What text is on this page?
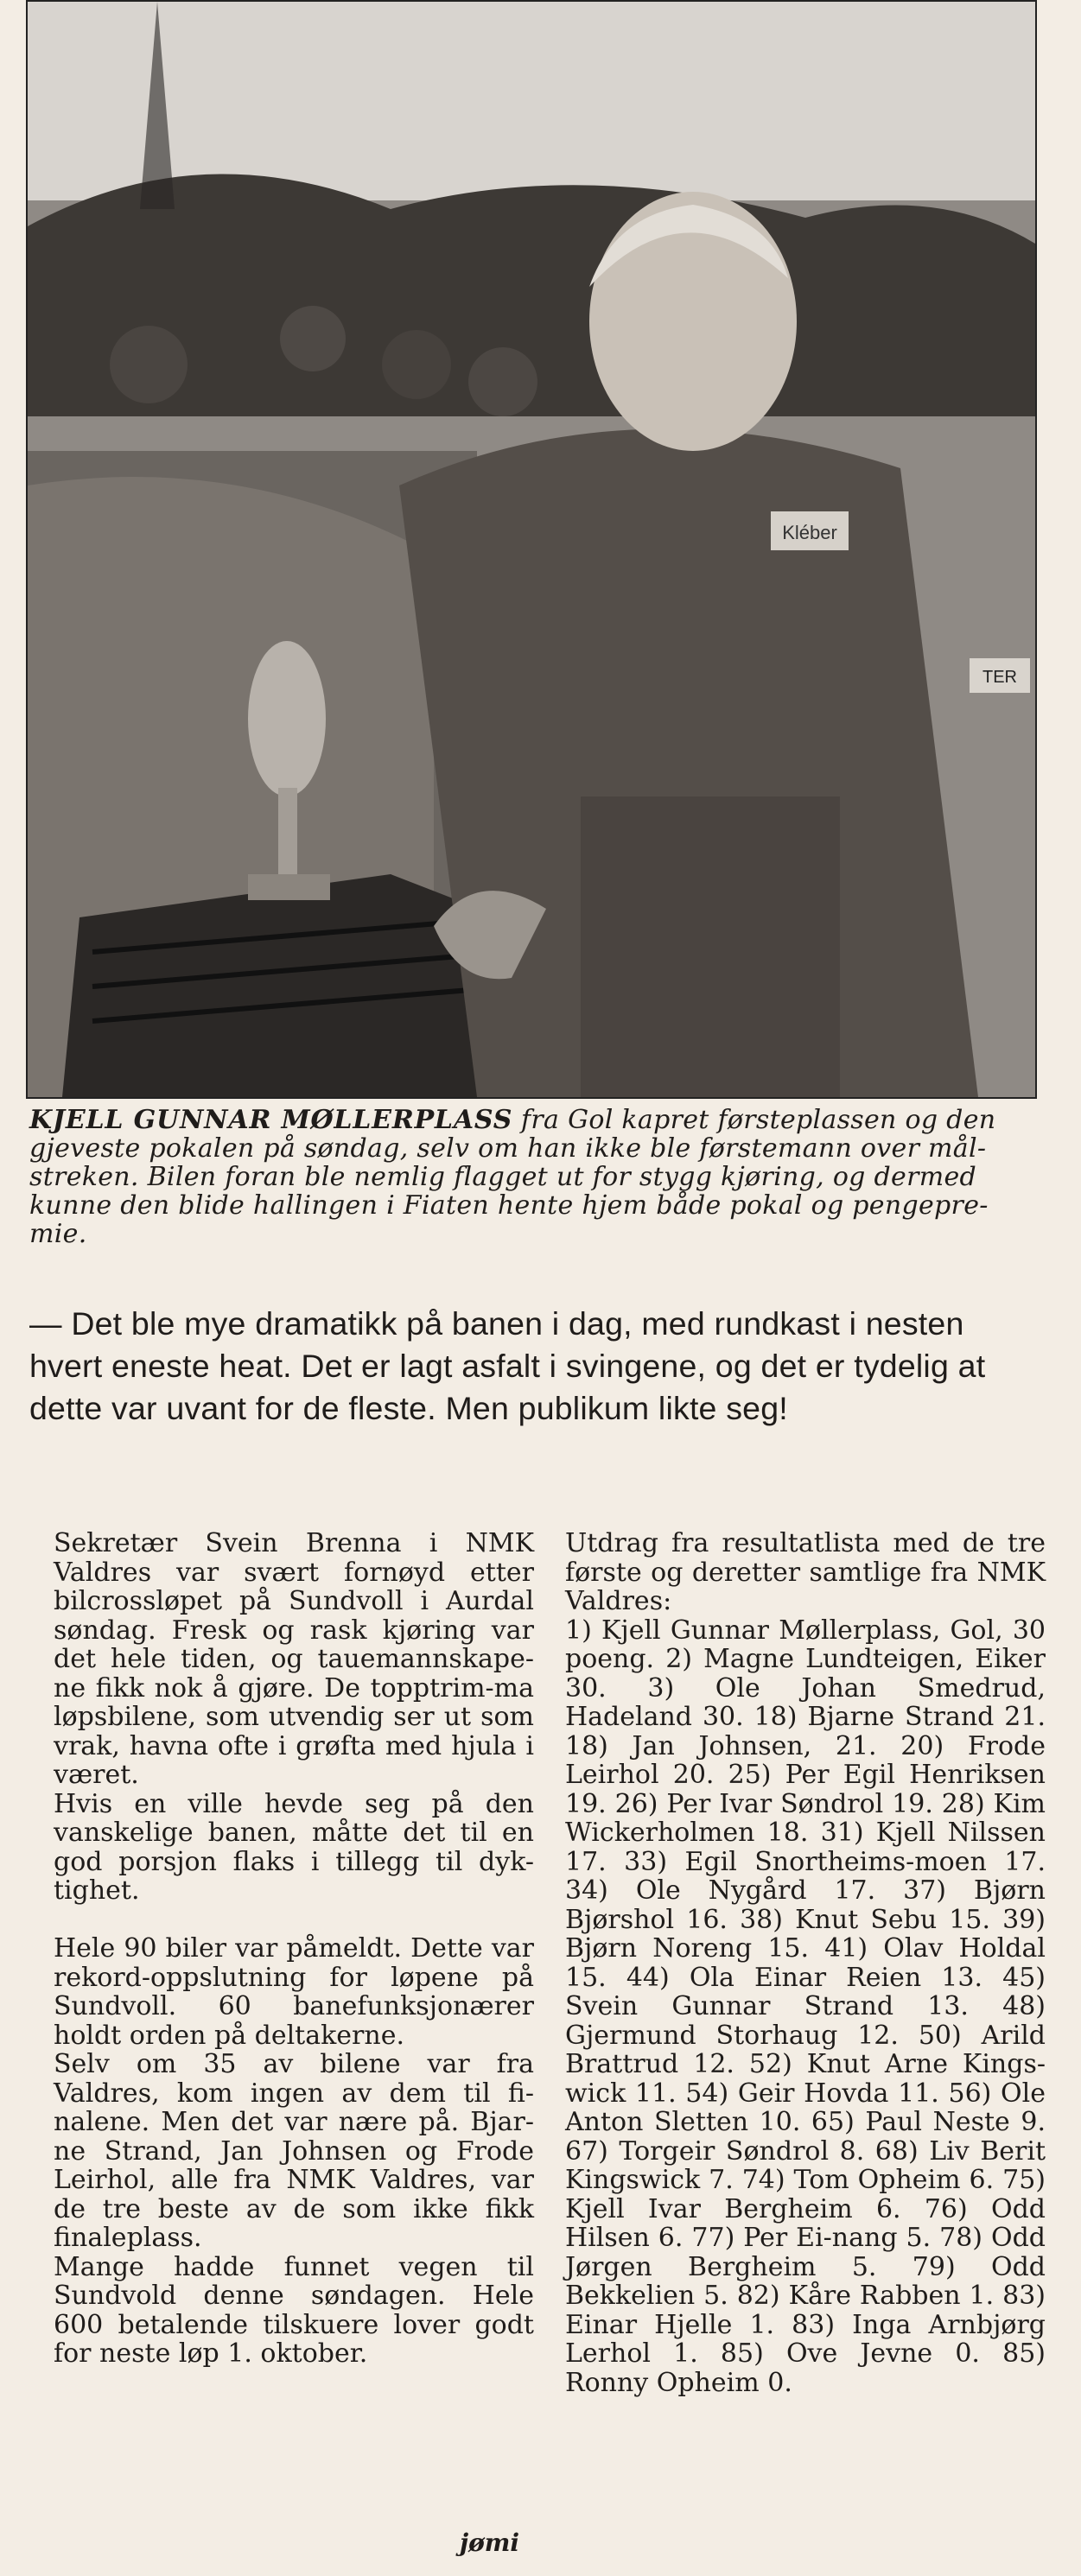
Kléber
TER
KJELL GUNNAR MØLLERPLASS fra Gol kapret førsteplassen og den gjeveste pokalen på søndag, selv om han ikke ble førstemann over mål-streken. Bilen foran ble nemlig flagget ut for stygg kjøring, og dermed kunne den blide hallingen i Fiaten hente hjem både pokal og pengepre-mie.
— Det ble mye dramatikk på banen i dag, med rundkast i nesten hvert eneste heat. Det er lagt asfalt i svingene, og det er tydelig at dette var uvant for de fleste. Men publikum likte seg!
Sekretær Svein Brenna i NMK Valdres var svært fornøyd etter bilcrossløpet på Sundvoll i Aurdal søndag. Fresk og rask kjøring var det hele tiden, og tauemannskape-ne fikk nok å gjøre. De topptrim-ma løpsbilene, som utvendig ser ut som vrak, havna ofte i grøfta med hjula i været.
Hvis en ville hevde seg på den vanskelige banen, måtte det til en god porsjon flaks i tillegg til dyk-tighet.

Hele 90 biler var påmeldt. Dette var rekord-oppslutning for løpene på Sundvoll. 60 banefunksjonærer holdt orden på deltakerne.
Selv om 35 av bilene var fra Valdres, kom ingen av dem til fi-nalene. Men det var nære på. Bjar-ne Strand, Jan Johnsen og Frode Leirhol, alle fra NMK Valdres, var de tre beste av de som ikke fikk finaleplass.
Mange hadde funnet vegen til Sundvold denne søndagen. Hele 600 betalende tilskuere lover godt for neste løp 1. oktober.
Utdrag fra resultatlista med de tre første og deretter samtlige fra NMK Valdres:
1) Kjell Gunnar Møllerplass, Gol, 30 poeng. 2) Magne Lundteigen, Eiker 30. 3) Ole Johan Smedrud, Hadeland 30. 18) Bjarne Strand 21. 18) Jan Johnsen, 21. 20) Frode Leirhol 20. 25) Per Egil Henriksen 19. 26) Per Ivar Søndrol 19. 28) Kim Wickerholmen 18. 31) Kjell Nilssen 17. 33) Egil Snortheims-moen 17. 34) Ole Nygård 17. 37) Bjørn Bjørshol 16. 38) Knut Sebu 15. 39) Bjørn Noreng 15. 41) Olav Holdal 15. 44) Ola Einar Reien 13. 45) Svein Gunnar Strand 13. 48) Gjermund Storhaug 12. 50) Arild Brattrud 12. 52) Knut Arne Kings-wick 11. 54) Geir Hovda 11. 56) Ole Anton Sletten 10. 65) Paul Neste 9. 67) Torgeir Søndrol 8. 68) Liv Berit Kingswick 7. 74) Tom Opheim 6. 75) Kjell Ivar Bergheim 6. 76) Odd Hilsen 6. 77) Per Ei-nang 5. 78) Odd Jørgen Bergheim 5. 79) Odd Bekkelien 5. 82) Kåre Rabben 1. 83) Einar Hjelle 1. 83) Inga Arnbjørg Lerhol 1. 85) Ove Jevne 0. 85) Ronny Opheim 0.
jømi
